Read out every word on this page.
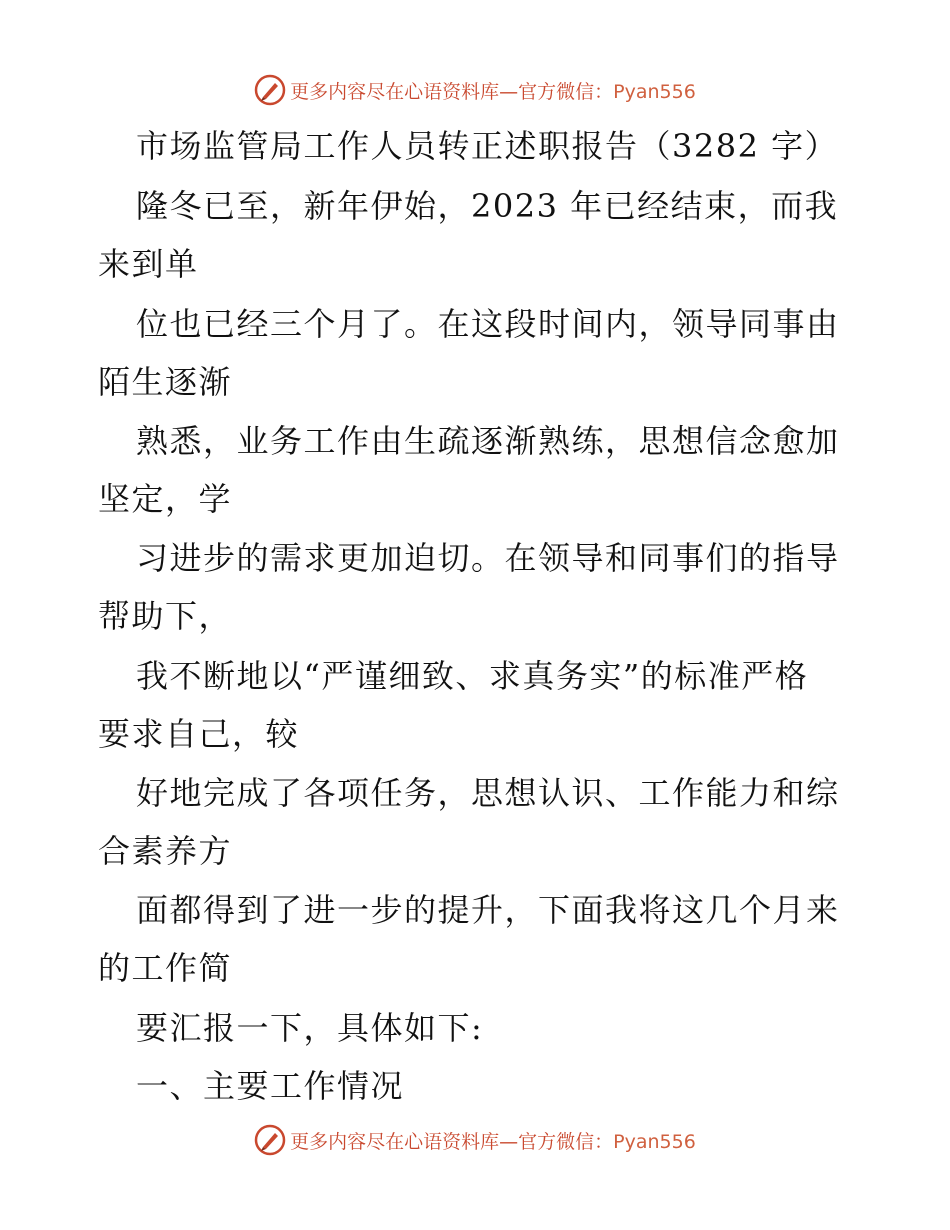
更多内容尽在心语资料库—官方微信：Pyan556
市场监管局工作人员转正述职报告（3282 字）
隆冬已至，新年伊始，2023 年已经结束，而我
来到单
位也已经三个月了。在这段时间内，领导同事由
陌生逐渐
熟悉，业务工作由生疏逐渐熟练，思想信念愈加
坚定，学
习进步的需求更加迫切。在领导和同事们的指导
帮助下，
我不断地以“严谨细致、求真务实”的标准严格
要求自己，较
好地完成了各项任务，思想认识、工作能力和综
合素养方
面都得到了进一步的提升，下面我将这几个月来
的工作简
要汇报一下，具体如下:
一、主要工作情况
更多内容尽在心语资料库—官方微信：Pyan556
